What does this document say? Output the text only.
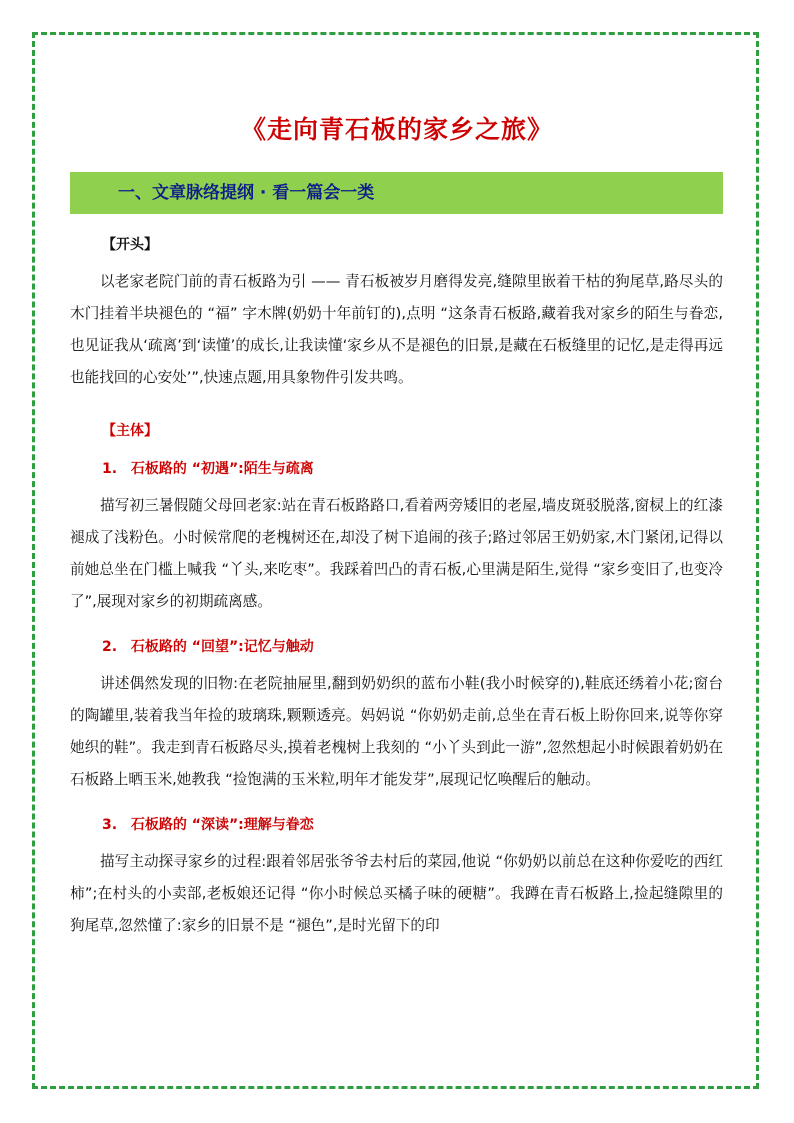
《走向青石板的家乡之旅》
一、文章脉络提纲 · 看一篇会一类
【开头】

以老家老院门前的青石板路为引 —— 青石板被岁月磨得发亮,缝隙里嵌着干枯的狗尾草,路尽头的木门挂着半块褪色的 “福” 字木牌(奶奶十年前钉的),点明 “这条青石板路,藏着我对家乡的陌生与眷恋,也见证我从‘疏离’到‘读懂’的成长,让我读懂‘家乡从不是褪色的旧景,是藏在石板缝里的记忆,是走得再远也能找回的心安处’”,快速点题,用具象物件引发共鸣。

【主体】
1. 石板路的 “初遇”:陌生与疏离

描写初三暑假随父母回老家:站在青石板路路口,看着两旁矮旧的老屋,墙皮斑驳脱落,窗棂上的红漆褪成了浅粉色。小时候常爬的老槐树还在,却没了树下追闹的孩子;路过邻居王奶奶家,木门紧闭,记得以前她总坐在门槛上喊我 “丫头,来吃枣”。我踩着凹凸的青石板,心里满是陌生,觉得 “家乡变旧了,也变冷了”,展现对家乡的初期疏离感。

2. 石板路的 “回望”:记忆与触动

讲述偶然发现的旧物:在老院抽屉里,翻到奶奶织的蓝布小鞋(我小时候穿的),鞋底还绣着小花;窗台的陶罐里,装着我当年捡的玻璃珠,颗颗透亮。妈妈说 “你奶奶走前,总坐在青石板上盼你回来,说等你穿她织的鞋”。我走到青石板路尽头,摸着老槐树上我刻的 “小丫头到此一游”,忽然想起小时候跟着奶奶在石板路上晒玉米,她教我 “捡饱满的玉米粒,明年才能发芽”,展现记忆唤醒后的触动。

3. 石板路的 “深读”:理解与眷恋

描写主动探寻家乡的过程:跟着邻居张爷爷去村后的菜园,他说 “你奶奶以前总在这种你爱吃的西红柿”;在村头的小卖部,老板娘还记得 “你小时候总买橘子味的硬糖”。我蹲在青石板路上,捡起缝隙里的狗尾草,忽然懂了:家乡的旧景不是 “褪色”,是时光留下的印
